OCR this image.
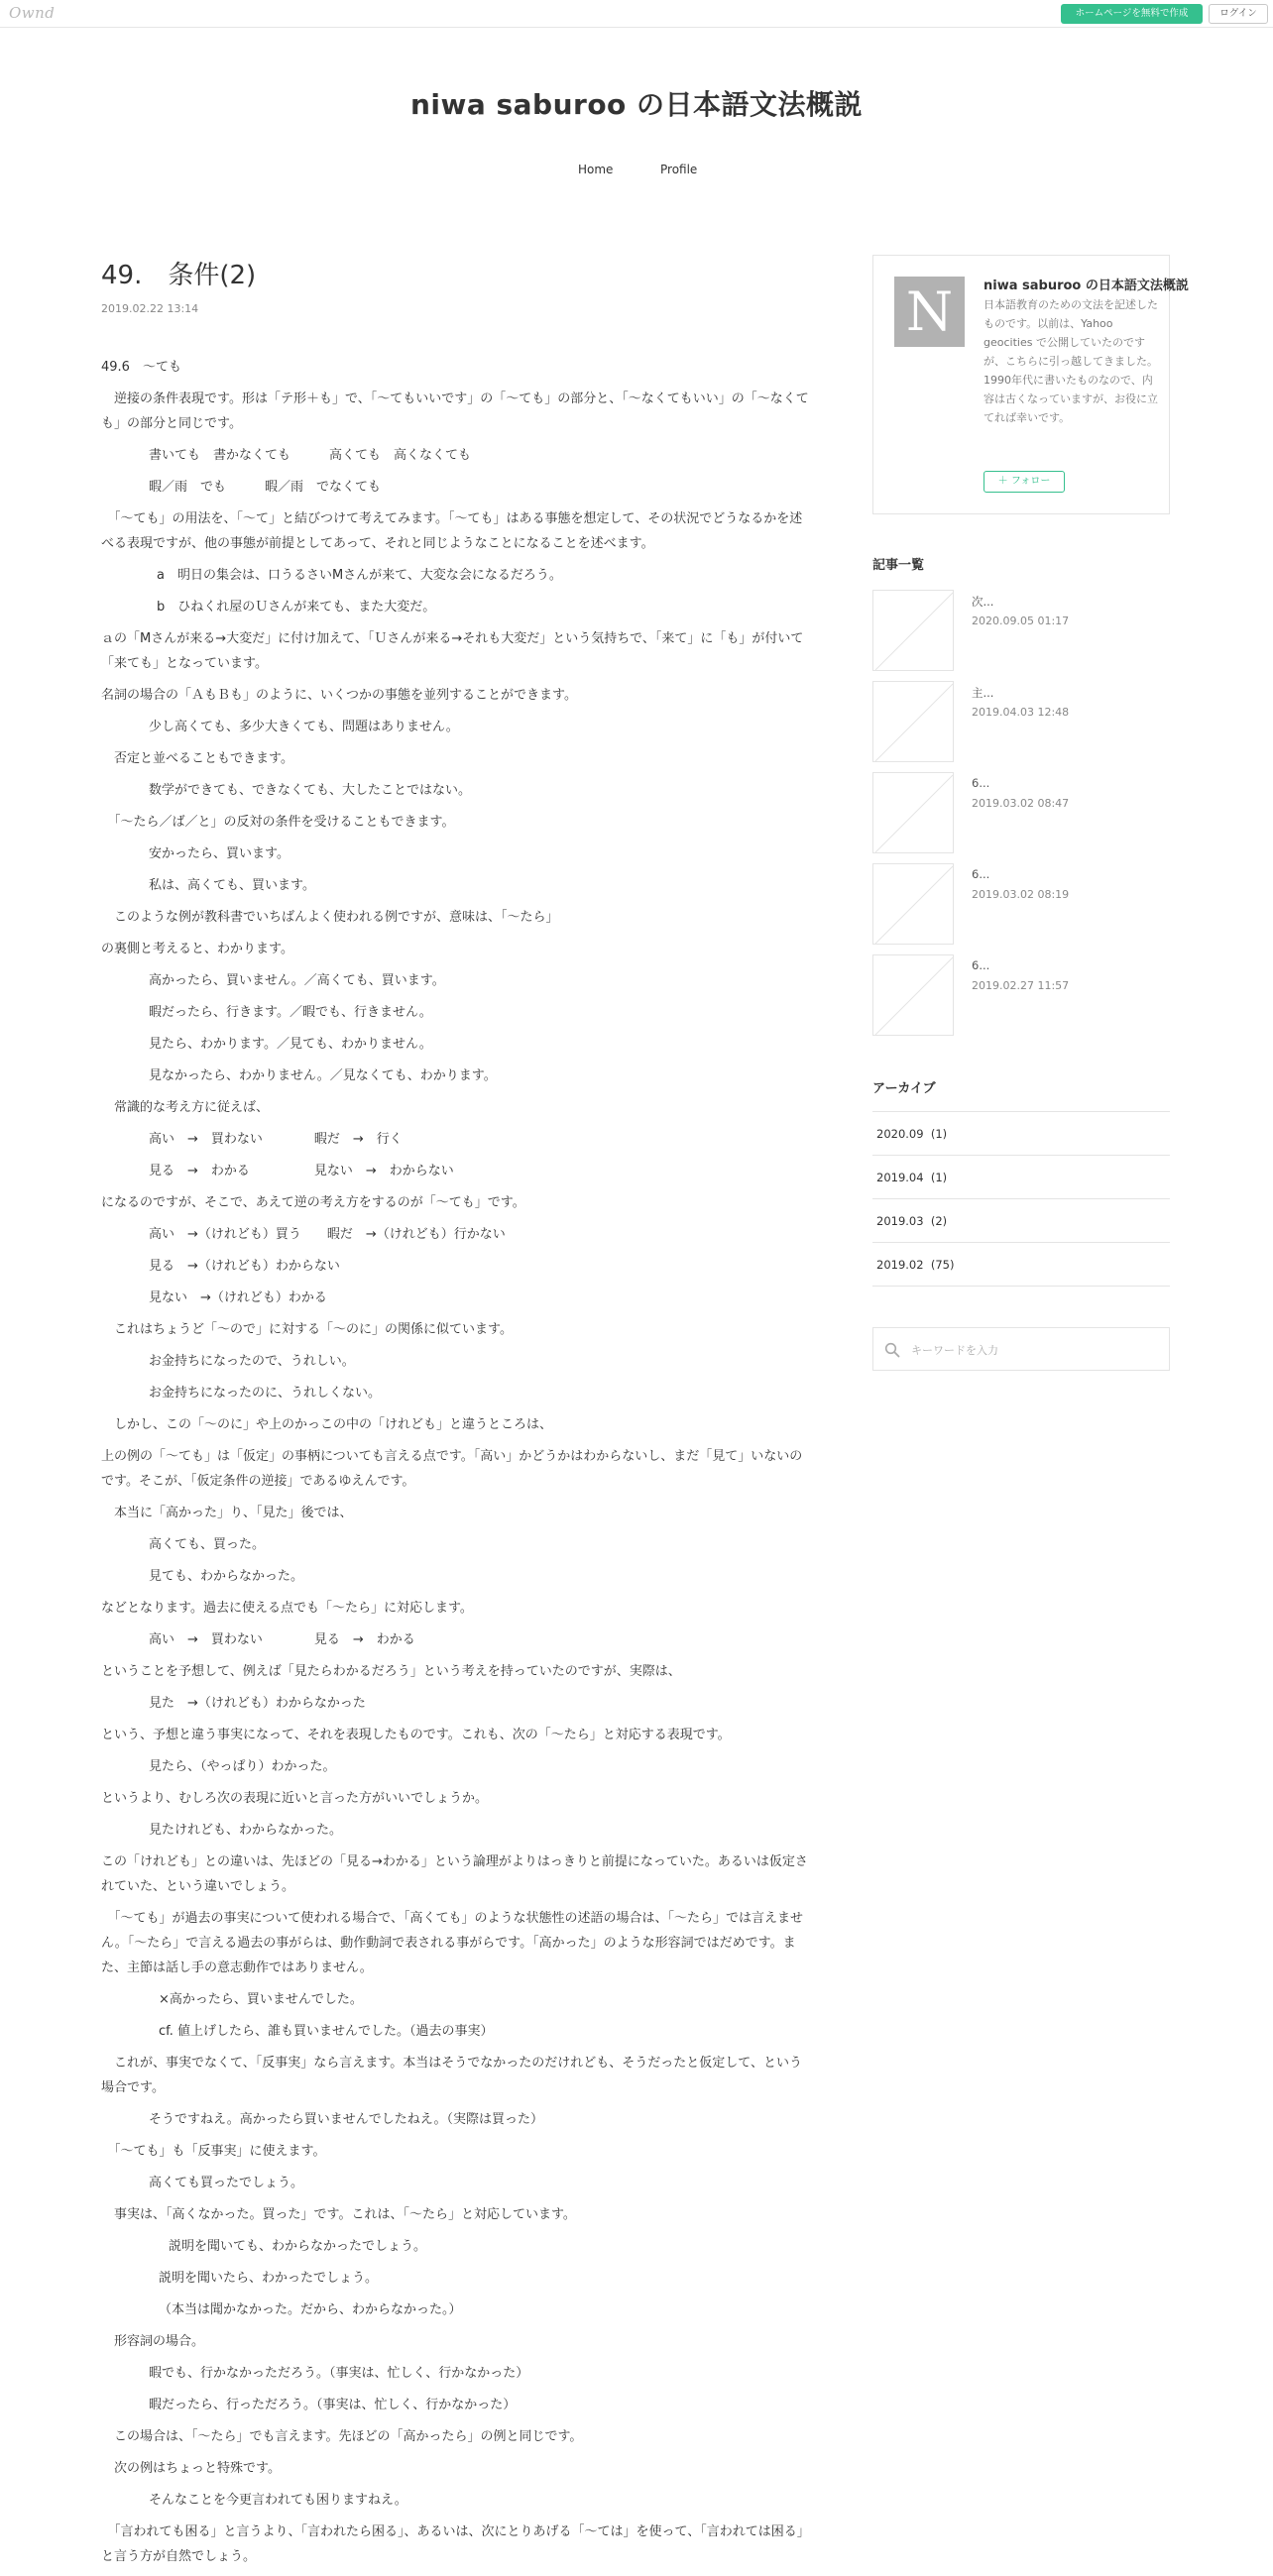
Ownd	ホームページを無料で作成	ログイン
niwa saburoo の日本語文法概説
Home	Profile
49.　条件(2)
2019.02.22 13:14

49.6　～ても

　逆接の条件表現です。形は「テ形＋も」で、「～てもいいです」の「～ても」の部分と、「～なくてもいい」の「～なくても」の部分と同じです。

書いても　書かなくても　　　高くても　高くなくても

暇／雨　でも　　　暇／雨　でなくても

　「～ても」の用法を、「～て」と結びつけて考えてみます。「～ても」はある事態を想定して、その状況でどうなるかを述べる表現ですが、他の事態が前提としてあって、それと同じようなことになることを述べます。

a　明日の集会は、口うるさいMさんが来て、大変な会になるだろう。

b　ひねくれ屋のＵさんが来ても、また大変だ。

ａの「Mさんが来る→大変だ」に付け加えて、「Ｕさんが来る→それも大変だ」という気持ちで、「来て」に「も」が付いて「来ても」となっています。

名詞の場合の「ＡもＢも」のように、いくつかの事態を並列することができます。

少し高くても、多少大きくても、問題はありません。

　否定と並べることもできます。

数学ができても、できなくても、大したことではない。

　「～たら／ば／と」の反対の条件を受けることもできます。

安かったら、買います。

私は、高くても、買います。

　このような例が教科書でいちばんよく使われる例ですが、意味は、「～たら」

の裏側と考えると、わかります。

高かったら、買いません。／高くても、買います。

暇だったら、行きます。／暇でも、行きません。

見たら、わかります。／見ても、わかりません。

見なかったら、わかりません。／見なくても、わかります。

　常識的な考え方に従えば、

高い　→　買わない　　　　暇だ　→　行く

見る　→　わかる　　　　　見ない　→　わからない

になるのですが、そこで、あえて逆の考え方をするのが「～ても」です。

高い　→（けれども）買う　　暇だ　→（けれども）行かない

見る　→（けれども）わからない

見ない　→（けれども）わかる

　これはちょうど「～ので」に対する「～のに」の関係に似ています。

お金持ちになったので、うれしい。

お金持ちになったのに、うれしくない。

　しかし、この「～のに」や上のかっこの中の「けれども」と違うところは、

上の例の「～ても」は「仮定」の事柄についても言える点です。「高い」かどうかはわからないし、まだ「見て」いないのです。そこが、「仮定条件の逆接」であるゆえんです。

　本当に「高かった」り、「見た」後では、

高くても、買った。

見ても、わからなかった。

などとなります。過去に使える点でも「～たら」に対応します。

高い　→　買わない　　　　見る　→　わかる

ということを予想して、例えば「見たらわかるだろう」という考えを持っていたのですが、実際は、

見た　→（けれども）わからなかった

という、予想と違う事実になって、それを表現したものです。これも、次の「～たら」と対応する表現です。

見たら、（やっぱり）わかった。

というより、むしろ次の表現に近いと言った方がいいでしょうか。

見たけれども、わからなかった。

この「けれども」との違いは、先ほどの「見る→わかる」という論理がよりはっきりと前提になっていた。あるいは仮定されていた、という違いでしょう。

　「～ても」が過去の事実について使われる場合で、「高くても」のような状態性の述語の場合は、「～たら」では言えません。「～たら」で言える過去の事がらは、動作動詞で表される事がらです。「高かった」のような形容詞ではだめです。また、主節は話し手の意志動作ではありません。

×高かったら、買いませんでした。

cf. 値上げしたら、誰も買いませんでした。（過去の事実）

　これが、事実でなくて、「反事実」なら言えます。本当はそうでなかったのだけれども、そうだったと仮定して、という場合です。

そうですねえ。高かったら買いませんでしたねえ。（実際は買った）

　「～ても」も「反事実」に使えます。

高くても買ったでしょう。

　事実は、「高くなかった。買った」です。これは、「～たら」と対応しています。

説明を聞いても、わからなかったでしょう。

説明を聞いたら、わかったでしょう。

（本当は聞かなかった。だから、わからなかった。）

　形容詞の場合。

暇でも、行かなかっただろう。（事実は、忙しく、行かなかった）

暇だったら、行っただろう。（事実は、忙しく、行かなかった）

　この場合は、「～たら」でも言えます。先ほどの「高かったら」の例と同じです。

　次の例はちょっと特殊です。

そんなことを今更言われても困りますねえ。

　「言われても困る」と言うより、「言われたら困る」、あるいは、次にとりあげる「～ては」を使って、「言われては困る」と言う方が自然でしょう。

N	niwa saburoo の日本語文法概説
日本語教育のための文法を記述したものです。以前は、Yahoo geocities で公開していたのですが、こちらに引っ越してきました。1990年代に書いたものなので、内容は古くなっていますが、お役に立てれば幸いです。
＋ フォロー
記事一覧
次...
2020.09.05 01:17
主...
2019.04.03 12:48
6...
2019.03.02 08:47
6...
2019.03.02 08:19
6...
2019.02.27 11:57
アーカイブ
2020.09 (1)
2019.04 (1)
2019.03 (2)
2019.02 (75)
キーワードを入力
